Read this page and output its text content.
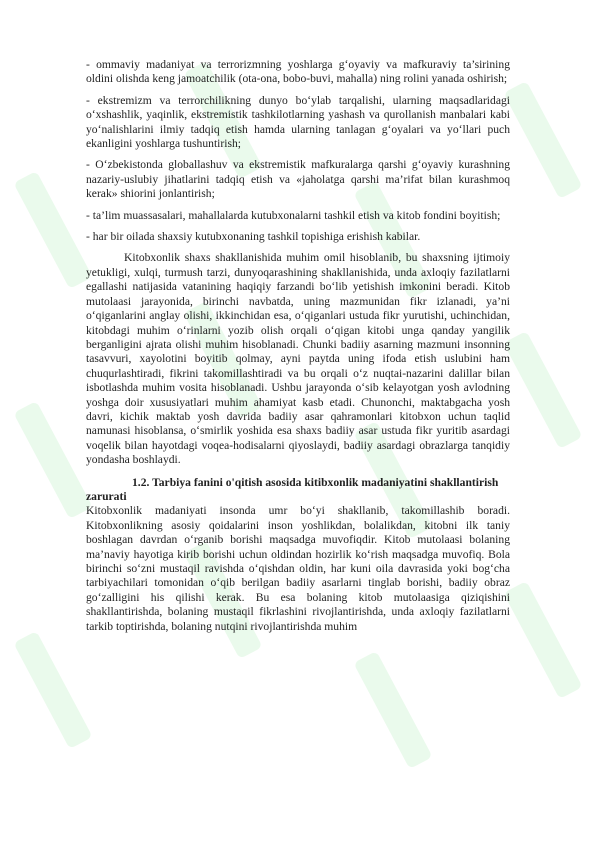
- ommaviy madaniyat va terrorizmning yoshlarga g‘oyaviy va mafkuraviy ta’sirining oldini olishda keng jamoatchilik (ota-ona, bobo-buvi, mahalla) ning rolini yanada oshirish;

- ekstremizm va terrorchilikning dunyo bo‘ylab tarqalishi, ularning maqsadlaridagi o‘xshashlik, yaqinlik, ekstremistik tashkilotlarning yashash va qurollanish manbalari kabi yo‘nalishlarini ilmiy tadqiq etish hamda ularning tanlagan g‘oyalari va yo‘llari puch ekanligini yoshlarga tushuntirish;

- O‘zbekistonda globallashuv va ekstremistik mafkuralarga qarshi g‘oyaviy kurashning nazariy-uslubiy jihatlarini tadqiq etish va «jaholatga qarshi ma’rifat bilan kurashmoq kerak» shiorini jonlantirish;

- ta’lim muassasalari, mahallalarda kutubxonalarni tashkil etish va kitob fondini boyitish;

- har bir oilada shaxsiy kutubxonaning tashkil topishiga erishish kabilar.

Kitobxonlik shaxs shakllanishida muhim omil hisoblanib, bu shaxsning ijtimoiy yetukligi, xulqi, turmush tarzi, dunyoqarashining shakllanishida, unda axloqiy fazilatlarni egallashi natijasida vatanining haqiqiy farzandi bo‘lib yetishish imkonini beradi. Kitob mutolaasi jarayonida, birinchi navbatda, uning mazmunidan fikr izlanadi, ya’ni o‘qiganlarini anglay olishi, ikkinchidan esa, o‘qiganlari ustuda fikr yurutishi, uchinchidan, kitobdagi muhim o‘rinlarni yozib olish orqali o‘qigan kitobi unga qanday yangilik berganligini ajrata olishi muhim hisoblanadi. Chunki badiiy asarning mazmuni insonning tasavvuri, xayolotini boyitib qolmay, ayni paytda uning ifoda etish uslubini ham chuqurlashtiradi, fikrini takomillashtiradi va bu orqali o‘z nuqtai-nazarini dalillar bilan isbotlashda muhim vosita hisoblanadi. Ushbu jarayonda o‘sib kelayotgan yosh avlodning yoshga doir xususiyatlari muhim ahamiyat kasb etadi. Chunonchi, maktabgacha yosh davri, kichik maktab yosh davrida badiiy asar qahramonlari kitobxon uchun taqlid namunasi hisoblansa, o‘smirlik yoshida esa shaxs badiiy asar ustuda fikr yuritib asardagi voqelik bilan hayotdagi voqea-hodisalarni qiyoslaydi, badiiy asardagi obrazlarga tanqidiy yondasha boshlaydi.

1.2. Tarbiya fanini o'qitish asosida kitibxonlik madaniyatini shakllantirish zarurati

Kitobxonlik madaniyati insonda umr bo‘yi shakllanib, takomillashib boradi. Kitobxonlikning asosiy qoidalarini inson yoshlikdan, bolalikdan, kitobni ilk taniy boshlagan davrdan o‘rganib borishi maqsadga muvofiqdir. Kitob mutolaasi bolaning ma’naviy hayotiga kirib borishi uchun oldindan hozirlik ko‘rish maqsadga muvofiq. Bola birinchi so‘zni mustaqil ravishda o‘qishdan oldin, har kuni oila davrasida yoki bog‘cha tarbiyachilari tomonidan o‘qib berilgan badiiy asarlarni tinglab borishi, badiiy obraz go‘zalligini his qilishi kerak. Bu esa bolaning kitob mutolaasiga qiziqishini shakllantirishda, bolaning mustaqil fikrlashini rivojlantirishda, unda axloqiy fazilatlarni tarkib toptirishda, bolaning nutqini rivojlantirishda muhim
